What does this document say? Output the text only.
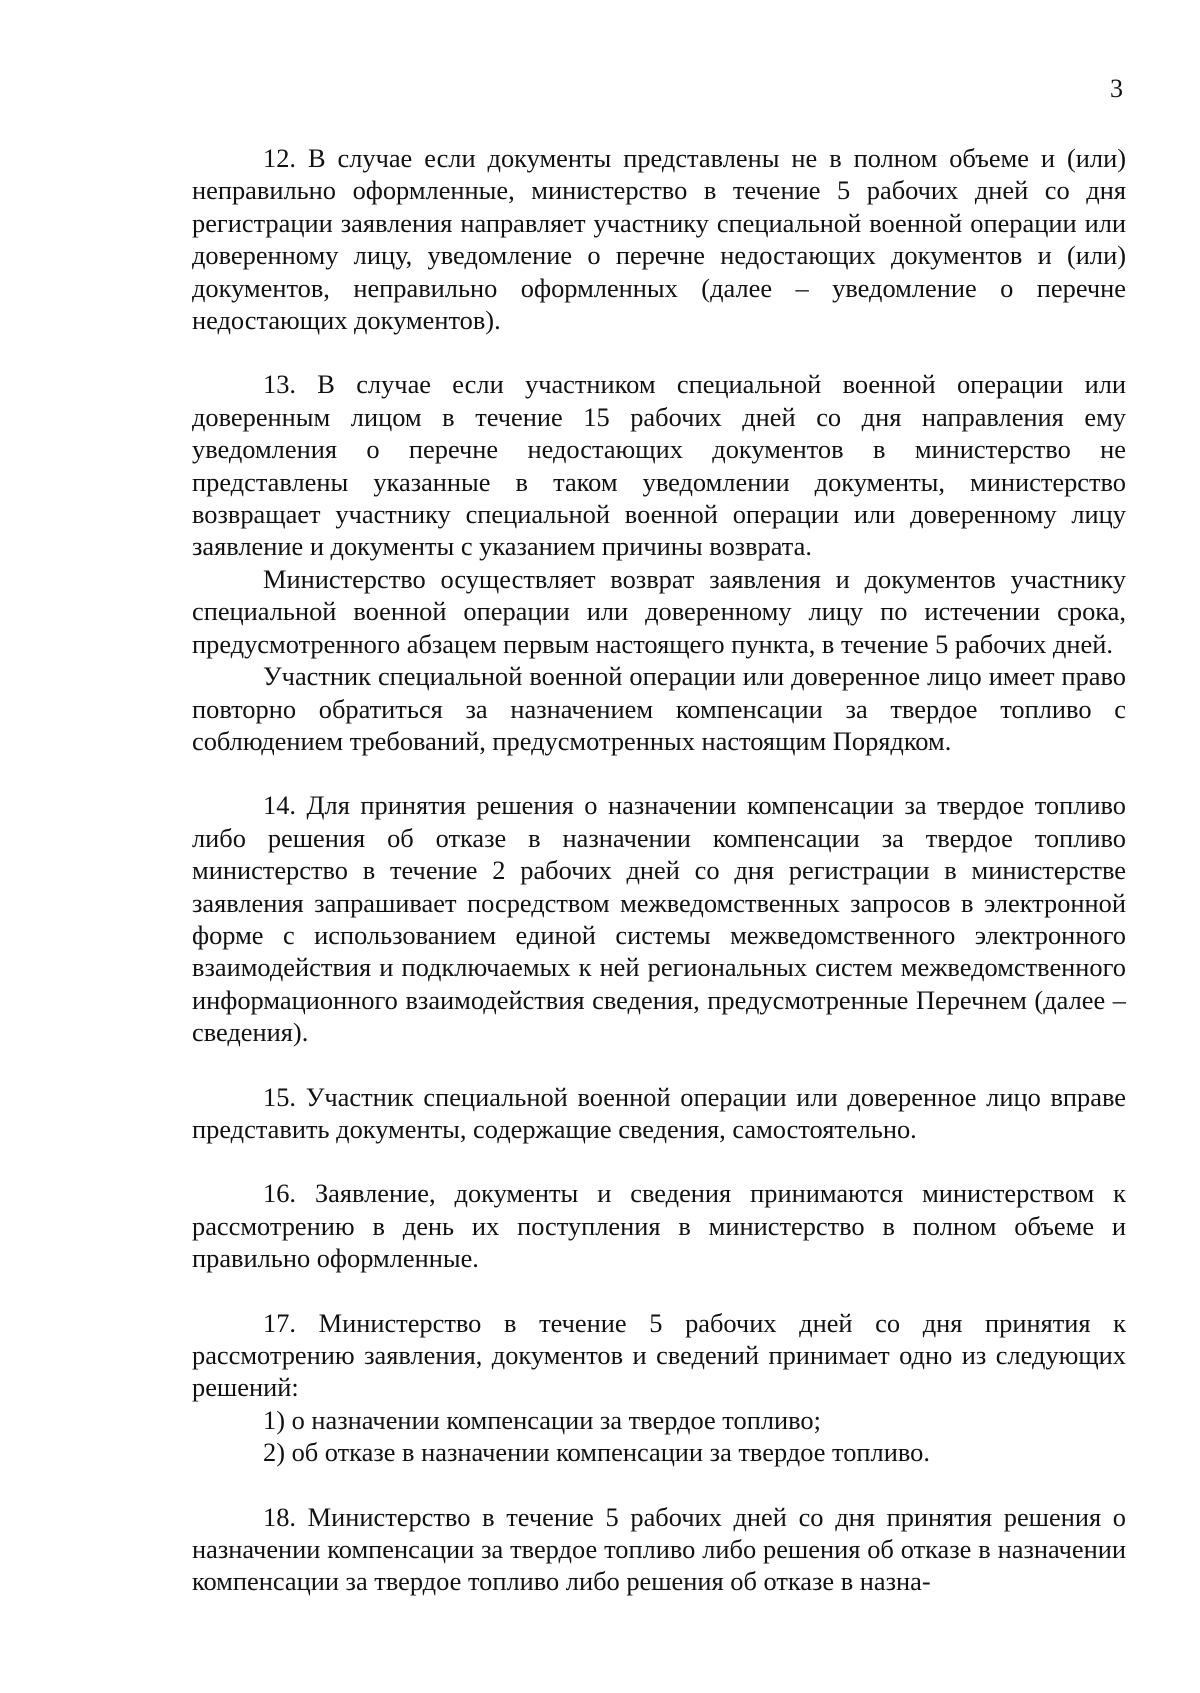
3

12. В случае если документы представлены не в полном объеме и (или) неправильно оформленные, министерство в течение 5 рабочих дней со дня регистрации заявления направляет участнику специальной военной операции или доверенному лицу, уведомление о перечне недостающих документов и (или) документов, неправильно оформленных (далее – уведомление о перечне недостающих документов).

13. В случае если участником специальной военной операции или доверенным лицом в течение 15 рабочих дней со дня направления ему уведомления о перечне недостающих документов в министерство не представлены указанные в таком уведомлении документы, министерство возвращает участнику специальной военной операции или доверенному лицу заявление и документы с указанием причины возврата.

Министерство осуществляет возврат заявления и документов участнику специальной военной операции или доверенному лицу по истечении срока, предусмотренного абзацем первым настоящего пункта, в течение 5 рабочих дней.

Участник специальной военной операции или доверенное лицо имеет право повторно обратиться за назначением компенсации за твердое топливо с соблюдением требований, предусмотренных настоящим Порядком.

14. Для принятия решения о назначении компенсации за твердое топливо либо решения об отказе в назначении компенсации за твердое топливо министерство в течение 2 рабочих дней со дня регистрации в министерстве заявления запрашивает посредством межведомственных запросов в электронной форме с использованием единой системы межведомственного электронного взаимодействия и подключаемых к ней региональных систем межведомственного информационного взаимодействия сведения, предусмотренные Перечнем (далее – сведения).

15. Участник специальной военной операции или доверенное лицо вправе представить документы, содержащие сведения, самостоятельно.

16. Заявление, документы и сведения принимаются министерством к рассмотрению в день их поступления в министерство в полном объеме и правильно оформленные.

17. Министерство в течение 5 рабочих дней со дня принятия к рассмотрению заявления, документов и сведений принимает одно из следующих решений:

1) о назначении компенсации за твердое топливо;

2) об отказе в назначении компенсации за твердое топливо.

18. Министерство в течение 5 рабочих дней со дня принятия решения о назначении компенсации за твердое топливо либо решения об отказе в назначении компенсации за твердое топливо либо решения об отказе в назна-
